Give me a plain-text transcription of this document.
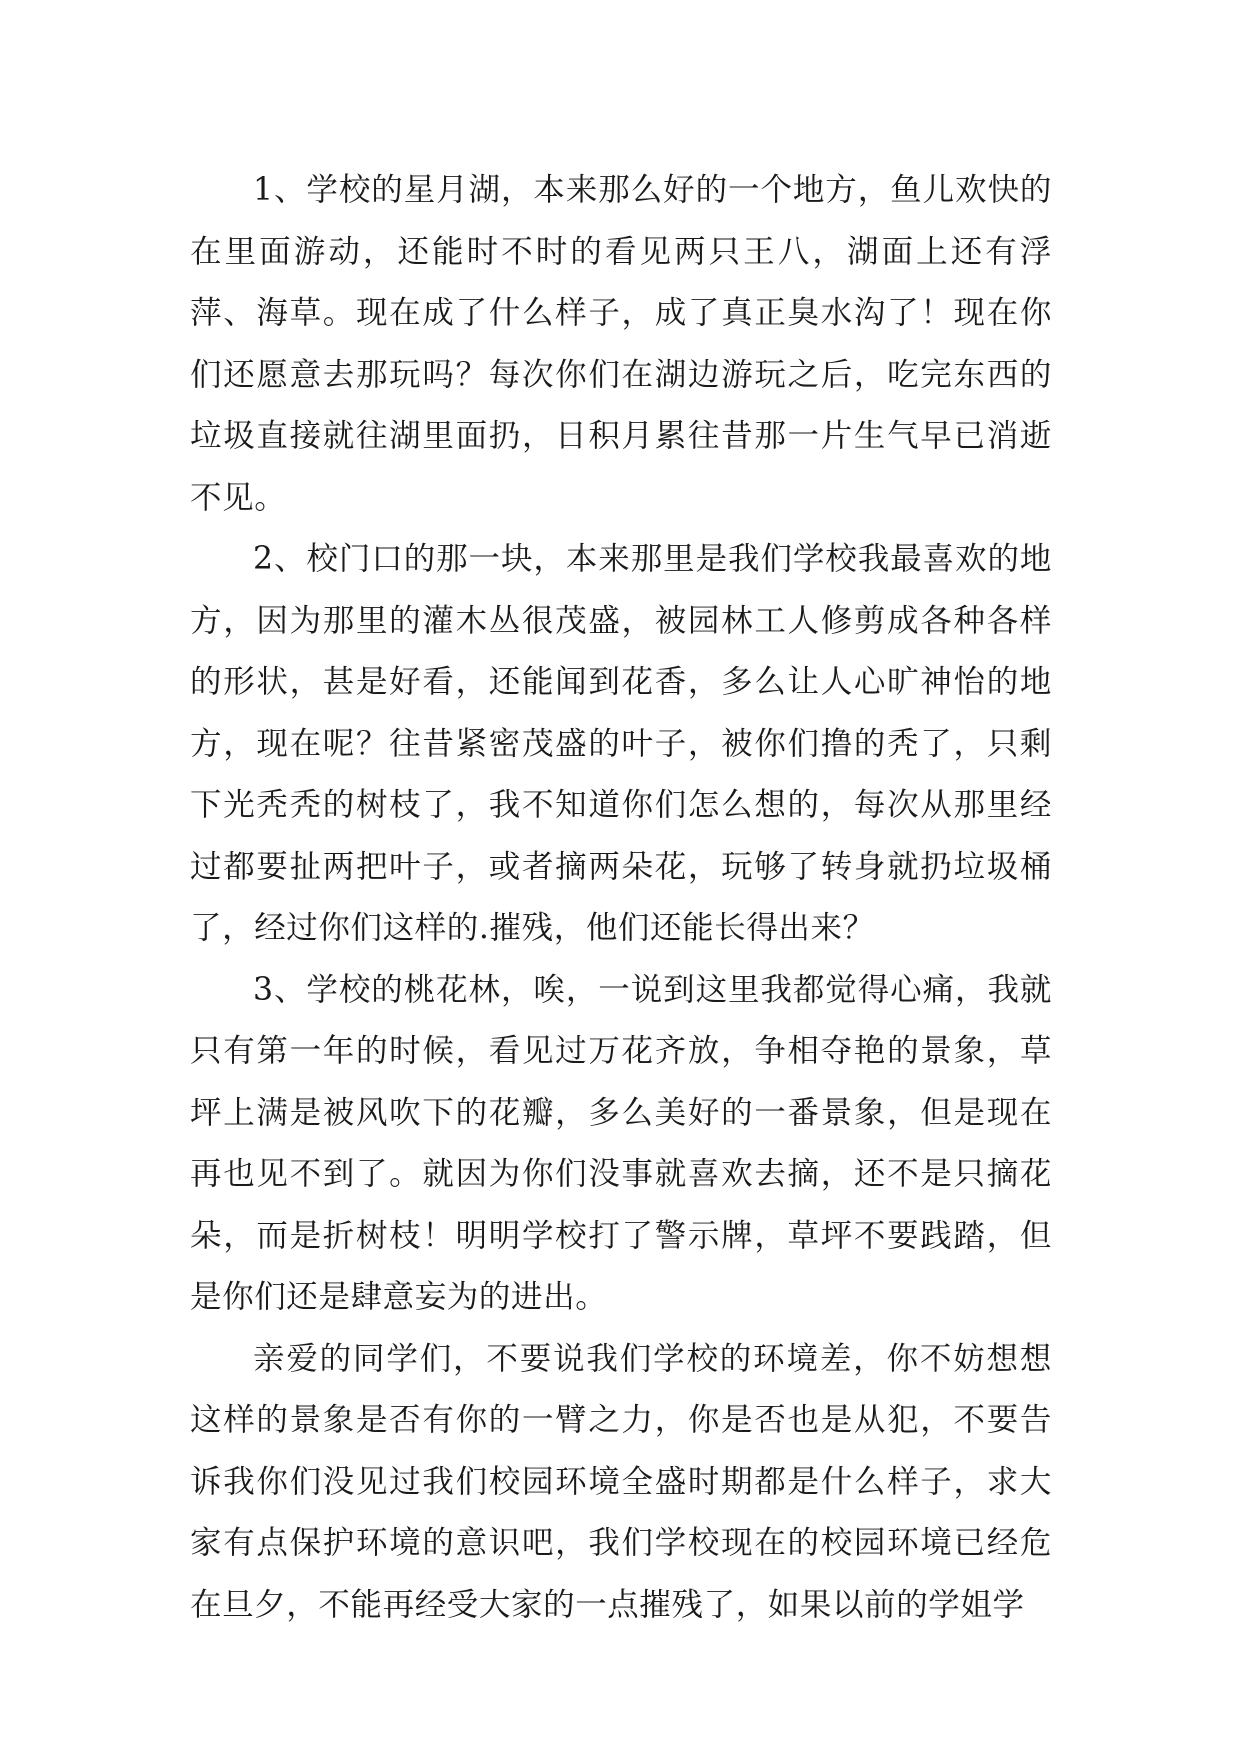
1、学校的星月湖，本来那么好的一个地方，鱼儿欢快的在里面游动，还能时不时的看见两只王八，湖面上还有浮萍、海草。现在成了什么样子，成了真正臭水沟了！现在你们还愿意去那玩吗？每次你们在湖边游玩之后，吃完东西的垃圾直接就往湖里面扔，日积月累往昔那一片生气早已消逝不见。

2、校门口的那一块，本来那里是我们学校我最喜欢的地方，因为那里的灌木丛很茂盛，被园林工人修剪成各种各样的形状，甚是好看，还能闻到花香，多么让人心旷神怡的地方，现在呢？往昔紧密茂盛的叶子，被你们撸的秃了，只剩下光秃秃的树枝了，我不知道你们怎么想的，每次从那里经过都要扯两把叶子，或者摘两朵花，玩够了转身就扔垃圾桶了，经过你们这样的.摧残，他们还能长得出来？

3、学校的桃花林，唉，一说到这里我都觉得心痛，我就只有第一年的时候，看见过万花齐放，争相夺艳的景象，草坪上满是被风吹下的花瓣，多么美好的一番景象，但是现在再也见不到了。就因为你们没事就喜欢去摘，还不是只摘花朵，而是折树枝！明明学校打了警示牌，草坪不要践踏，但是你们还是肆意妄为的进出。

亲爱的同学们，不要说我们学校的环境差，你不妨想想这样的景象是否有你的一臂之力，你是否也是从犯，不要告诉我你们没见过我们校园环境全盛时期都是什么样子，求大家有点保护环境的意识吧，我们学校现在的校园环境已经危在旦夕，不能再经受大家的一点摧残了，如果以前的学姐学
